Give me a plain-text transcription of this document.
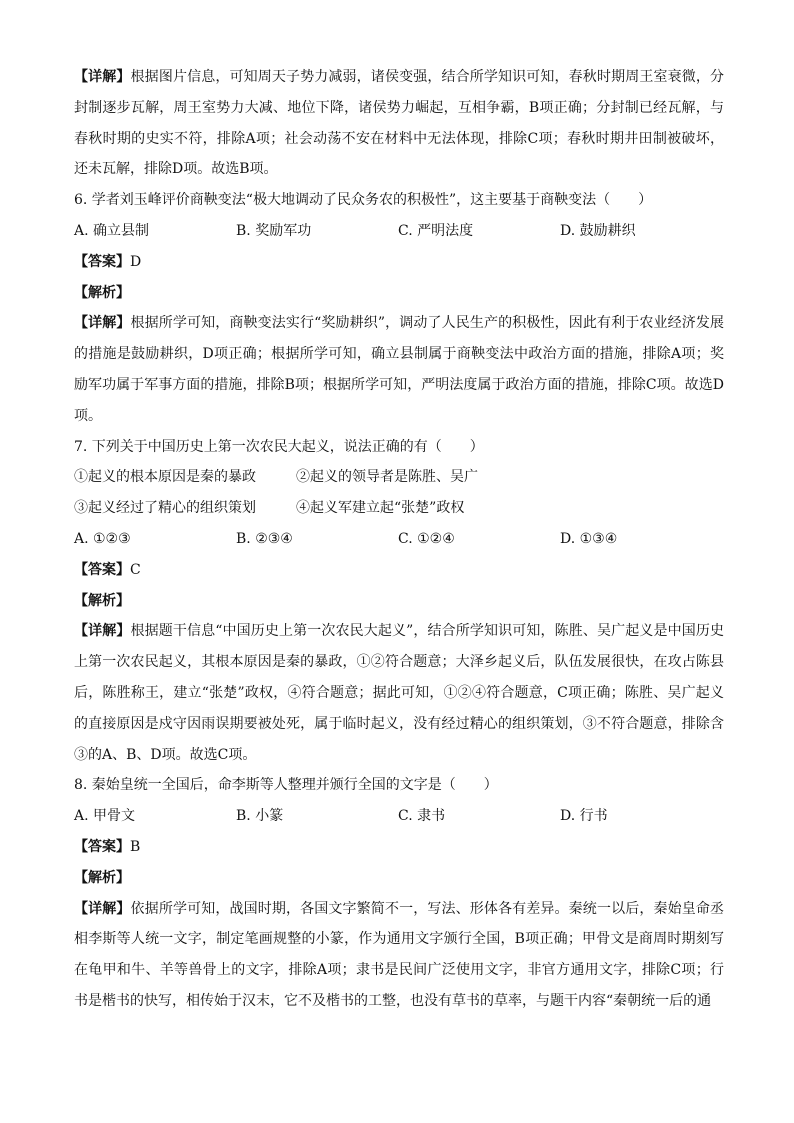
【详解】根据图片信息，可知周天子势力减弱，诸侯变强，结合所学知识可知，春秋时期周王室衰微，分封制逐步瓦解，周王室势力大减、地位下降，诸侯势力崛起，互相争霸，B项正确；分封制已经瓦解，与春秋时期的史实不符，排除A项；社会动荡不安在材料中无法体现，排除C项；春秋时期井田制被破坏，还未瓦解，排除D项。故选B项。

6. 学者刘玉峰评价商鞅变法“极大地调动了民众务农的积极性”，这主要基于商鞅变法（　　）

A. 确立县制	B. 奖励军功	C. 严明法度	D. 鼓励耕织

【答案】D

【解析】

【详解】根据所学可知，商鞅变法实行“奖励耕织”，调动了人民生产的积极性，因此有利于农业经济发展的措施是鼓励耕织，D项正确；根据所学可知，确立县制属于商鞅变法中政治方面的措施，排除A项；奖励军功属于军事方面的措施，排除B项；根据所学可知，严明法度属于政治方面的措施，排除C项。故选D项。

7. 下列关于中国历史上第一次农民大起义，说法正确的有（　　）

①起义的根本原因是秦的暴政	②起义的领导者是陈胜、吴广
③起义经过了精心的组织策划	④起义军建立起“张楚”政权
A. ①②③	B. ②③④	C. ①②④	D. ①③④

【答案】C

【解析】

【详解】根据题干信息“中国历史上第一次农民大起义”，结合所学知识可知，陈胜、吴广起义是中国历史上第一次农民起义，其根本原因是秦的暴政，①②符合题意；大泽乡起义后，队伍发展很快，在攻占陈县后，陈胜称王，建立“张楚”政权，④符合题意；据此可知，①②④符合题意，C项正确；陈胜、吴广起义的直接原因是戍守因雨误期要被处死，属于临时起义，没有经过精心的组织策划，③不符合题意，排除含③的A、B、D项。故选C项。

8. 秦始皇统一全国后，命李斯等人整理并颁行全国的文字是（　　）

A. 甲骨文	B. 小篆	C. 隶书	D. 行书

【答案】B

【解析】

【详解】依据所学可知，战国时期，各国文字繁简不一，写法、形体各有差异。秦统一以后，秦始皇命丞相李斯等人统一文字，制定笔画规整的小篆，作为通用文字颁行全国，B项正确；甲骨文是商周时期刻写在龟甲和牛、羊等兽骨上的文字，排除A项；隶书是民间广泛使用文字，非官方通用文字，排除C项；行书是楷书的快写，相传始于汉末，它不及楷书的工整，也没有草书的草率，与题干内容“秦朝统一后的通
